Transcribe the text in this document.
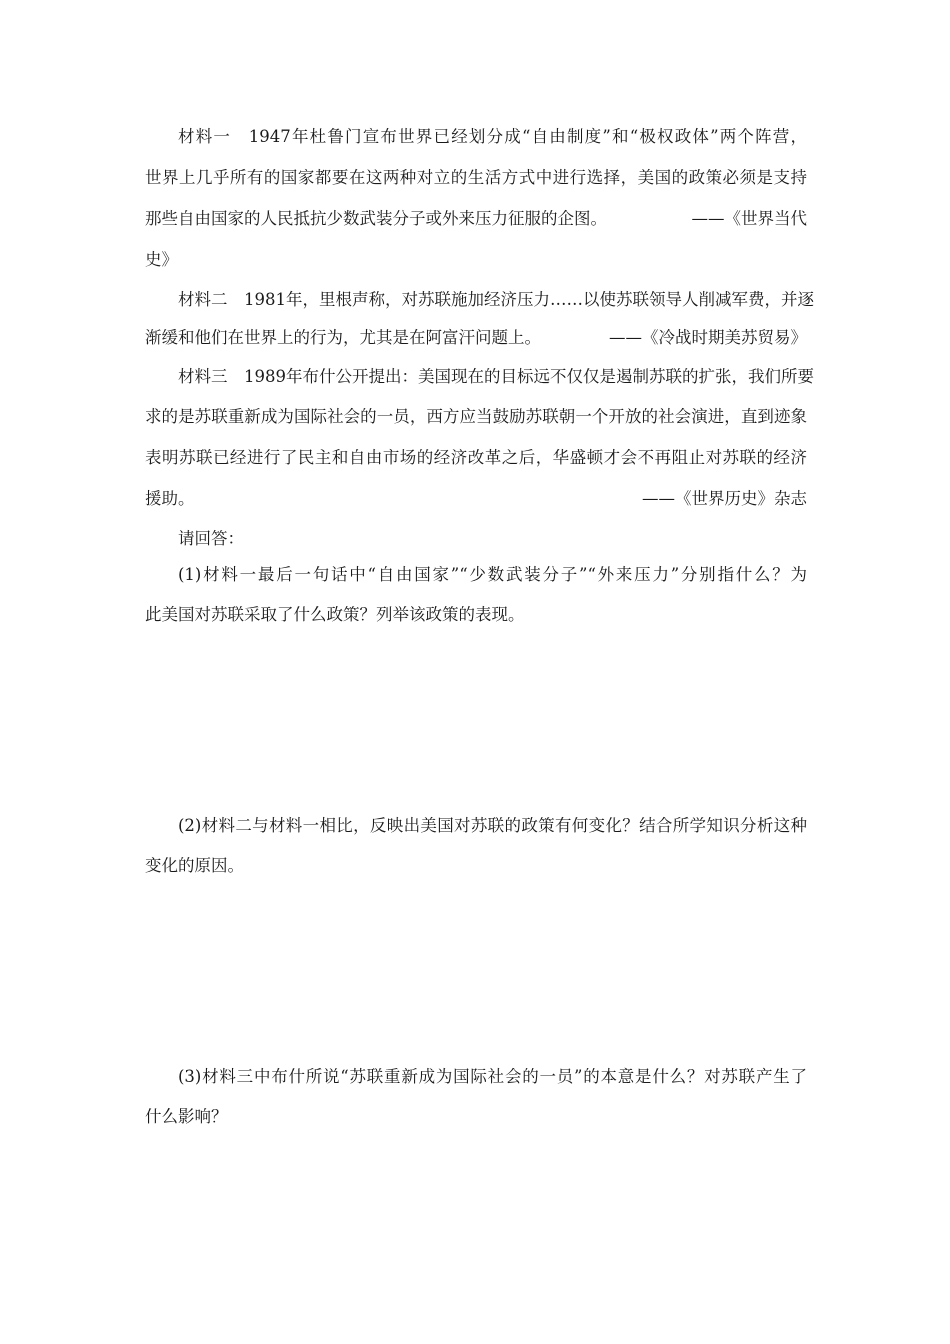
材料一　1947年杜鲁门宣布世界已经划分成“自由制度”和“极权政体”两个阵营，
世界上几乎所有的国家都要在这两种对立的生活方式中进行选择，美国的政策必须是支持
那些自由国家的人民抵抗少数武装分子或外来压力征服的企图。	——《世界当代
史》
材料二　1981年，里根声称，对苏联施加经济压力……以使苏联领导人削减军费，并逐
渐缓和他们在世界上的行为，尤其是在阿富汗问题上。	——《冷战时期美苏贸易》
材料三　1989年布什公开提出：美国现在的目标远不仅仅是遏制苏联的扩张，我们所要
求的是苏联重新成为国际社会的一员，西方应当鼓励苏联朝一个开放的社会演进，直到迹象
表明苏联已经进行了民主和自由市场的经济改革之后，华盛顿才会不再阻止对苏联的经济
援助。	——《世界历史》杂志
请回答：
(1)材料一最后一句话中“自由国家”“少数武装分子”“外来压力”分别指什么？为
此美国对苏联采取了什么政策？列举该政策的表现。
(2)材料二与材料一相比，反映出美国对苏联的政策有何变化？结合所学知识分析这种
变化的原因。
(3)材料三中布什所说“苏联重新成为国际社会的一员”的本意是什么？对苏联产生了
什么影响？
